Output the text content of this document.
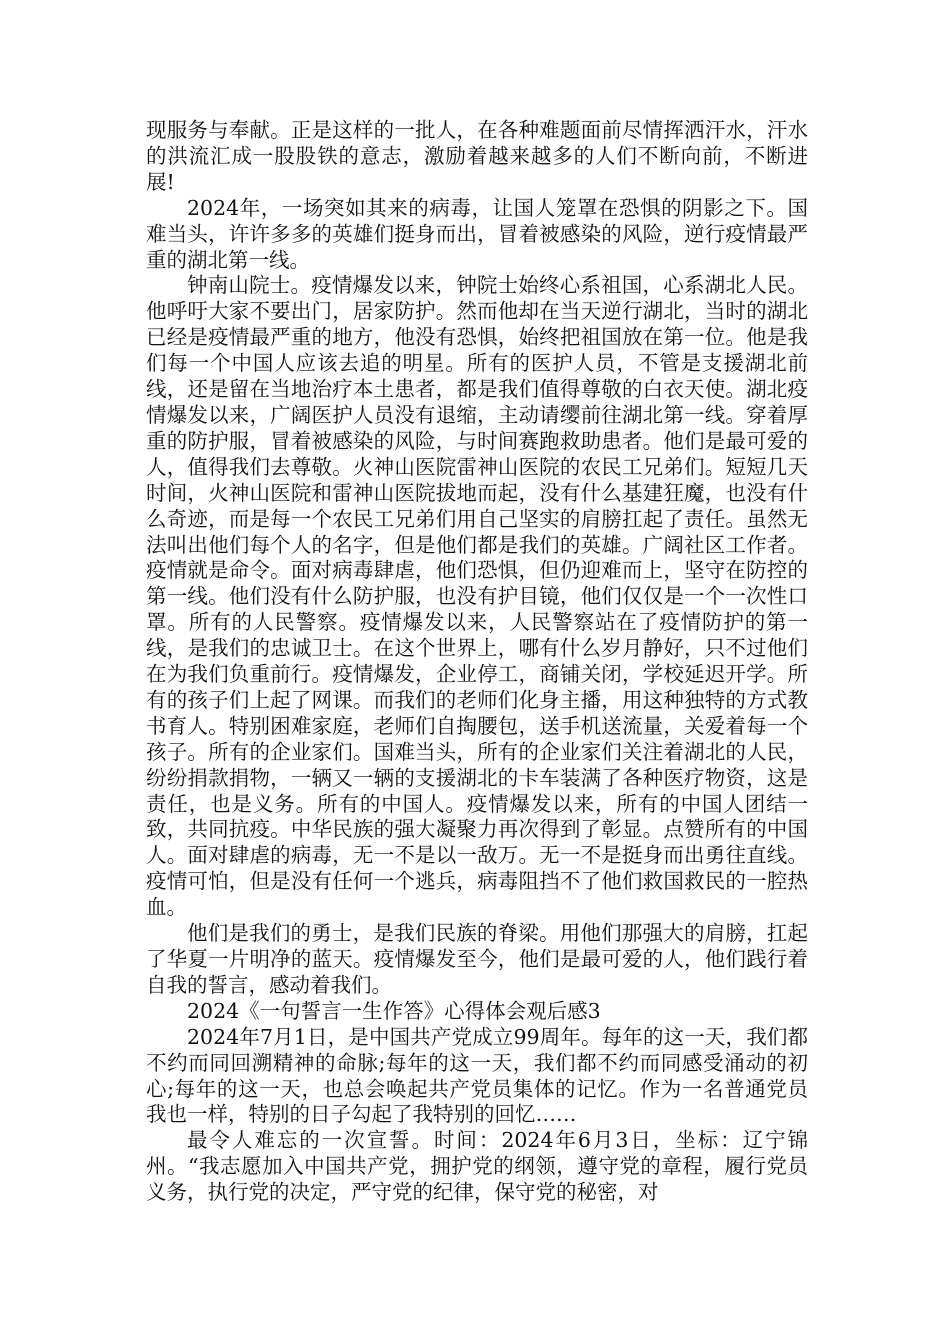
现服务与奉献。正是这样的一批人，在各种难题面前尽情挥洒汗水，汗水的洪流汇成一股股铁的意志，激励着越来越多的人们不断向前，不断进展!

2024年，一场突如其来的病毒，让国人笼罩在恐惧的阴影之下。国难当头，许许多多的英雄们挺身而出，冒着被感染的风险，逆行疫情最严重的湖北第一线。

钟南山院士。疫情爆发以来，钟院士始终心系祖国，心系湖北人民。他呼吁大家不要出门，居家防护。然而他却在当天逆行湖北，当时的湖北已经是疫情最严重的地方，他没有恐惧，始终把祖国放在第一位。他是我们每一个中国人应该去追的明星。所有的医护人员，不管是支援湖北前线，还是留在当地治疗本土患者，都是我们值得尊敬的白衣天使。湖北疫情爆发以来，广阔医护人员没有退缩，主动请缨前往湖北第一线。穿着厚重的防护服，冒着被感染的风险，与时间赛跑救助患者。他们是最可爱的人，值得我们去尊敬。火神山医院雷神山医院的农民工兄弟们。短短几天时间，火神山医院和雷神山医院拔地而起，没有什么基建狂魔，也没有什么奇迹，而是每一个农民工兄弟们用自己坚实的肩膀扛起了责任。虽然无法叫出他们每个人的名字，但是他们都是我们的英雄。广阔社区工作者。疫情就是命令。面对病毒肆虐，他们恐惧，但仍迎难而上，坚守在防控的第一线。他们没有什么防护服，也没有护目镜，他们仅仅是一个一次性口罩。所有的人民警察。疫情爆发以来，人民警察站在了疫情防护的第一线，是我们的忠诚卫士。在这个世界上，哪有什么岁月静好，只不过他们在为我们负重前行。疫情爆发，企业停工，商铺关闭，学校延迟开学。所有的孩子们上起了网课。而我们的老师们化身主播，用这种独特的方式教书育人。特别困难家庭，老师们自掏腰包，送手机送流量，关爱着每一个孩子。所有的企业家们。国难当头，所有的企业家们关注着湖北的人民，纷纷捐款捐物，一辆又一辆的支援湖北的卡车装满了各种医疗物资，这是责任，也是义务。所有的中国人。疫情爆发以来，所有的中国人团结一致，共同抗疫。中华民族的强大凝聚力再次得到了彰显。点赞所有的中国人。面对肆虐的病毒，无一不是以一敌万。无一不是挺身而出勇往直线。疫情可怕，但是没有任何一个逃兵，病毒阻挡不了他们救国救民的一腔热血。

他们是我们的勇士，是我们民族的脊梁。用他们那强大的肩膀，扛起了华夏一片明净的蓝天。疫情爆发至今，他们是最可爱的人，他们践行着自我的誓言，感动着我们。

2024《一句誓言一生作答》心得体会观后感3

2024年7月1日，是中国共产党成立99周年。每年的这一天，我们都不约而同回溯精神的命脉;每年的这一天，我们都不约而同感受涌动的初心;每年的这一天，也总会唤起共产党员集体的记忆。作为一名普通党员我也一样，特别的日子勾起了我特别的回忆……

最令人难忘的一次宣誓。时间：2024年6月3日，坐标：辽宁锦州。“我志愿加入中国共产党，拥护党的纲领，遵守党的章程，履行党员义务，执行党的决定，严守党的纪律，保守党的秘密，对
